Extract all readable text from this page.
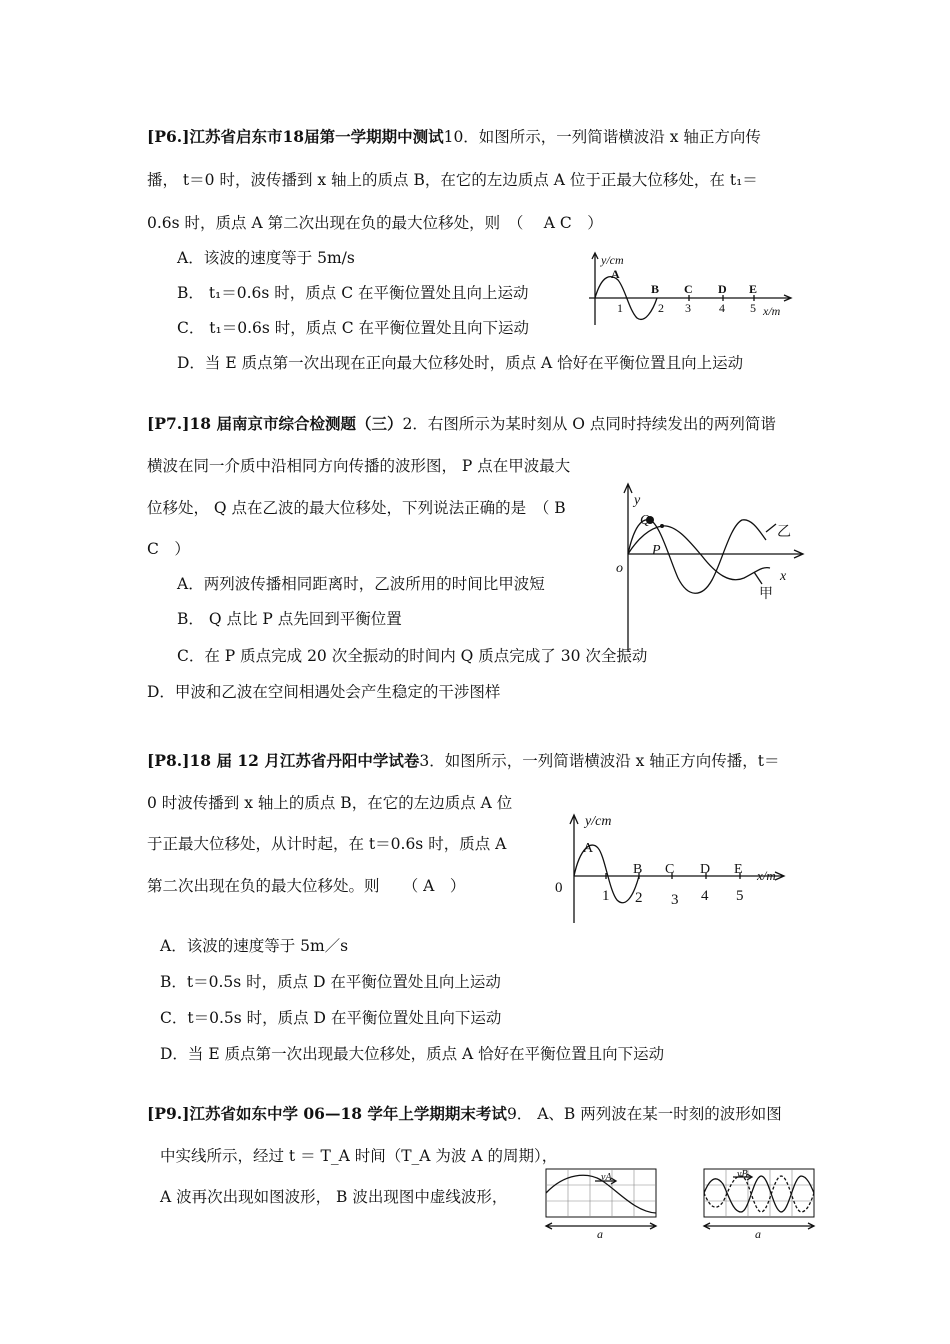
[P6.]江苏省启东市18届第一学期期中测试10．如图所示，一列简谐横波沿 x 轴正方向传
播， t＝0 时，波传播到 x 轴上的质点 B，在它的左边质点 A 位于正最大位移处，在 t₁＝
0.6s 时，质点 A 第二次出现在负的最大位移处，则　（　 A C　）
A．该波的速度等于 5m/s
B． t₁＝0.6s 时，质点 C 在平衡位置处且向上运动
C． t₁＝0.6s 时，质点 C 在平衡位置处且向下运动
D．当 E 质点第一次出现在正向最大位移处时，质点 A 恰好在平衡位置且向上运动
y/cm
x/m
A
B C D E
1	2 3 4 5
[P7.]18 届南京市综合检测题（三）2．右图所示为某时刻从 O 点同时持续发出的两列简谐
横波在同一介质中沿相同方向传播的波形图， P 点在甲波最大
位移处， Q 点在乙波的最大位移处，下列说法正确的是　（ B
C　）
A．两列波传播相同距离时，乙波所用的时间比甲波短
B． Q 点比 P 点先回到平衡位置
C．在 P 质点完成 20 次全振动的时间内 Q 质点完成了 30 次全振动
D．甲波和乙波在空间相遇处会产生稳定的干涉图样
y
x
o
Q
P
乙
甲
[P8.]18 届 12 月江苏省丹阳中学试卷3．如图所示，一列简谐横波沿 x 轴正方向传播，t＝
0 时波传播到 x 轴上的质点 B，在它的左边质点 A 位
于正最大位移处，从计时起，在 t＝0.6s 时，质点 A
第二次出现在负的最大位移处。则　　（ A　）
A．该波的速度等于 5m／s
B．t＝0.5s 时，质点 D 在平衡位置处且向上运动
C．t＝0.5s 时，质点 D 在平衡位置处且向下运动
D．当 E 质点第一次出现最大位移处，质点 A 恰好在平衡位置且向下运动
y/cm
x/m
0
A
B C D E
1 2 3 4 5
[P9.]江苏省如东中学 06—18 学年上学期期末考试9． A、B 两列波在某一时刻的波形如图
中实线所示，经过 t ＝ T_A 时间（T_A 为波 A 的周期），
A 波再次出现如图波形， B 波出现图中虚线波形，
vA
a
vB
a
